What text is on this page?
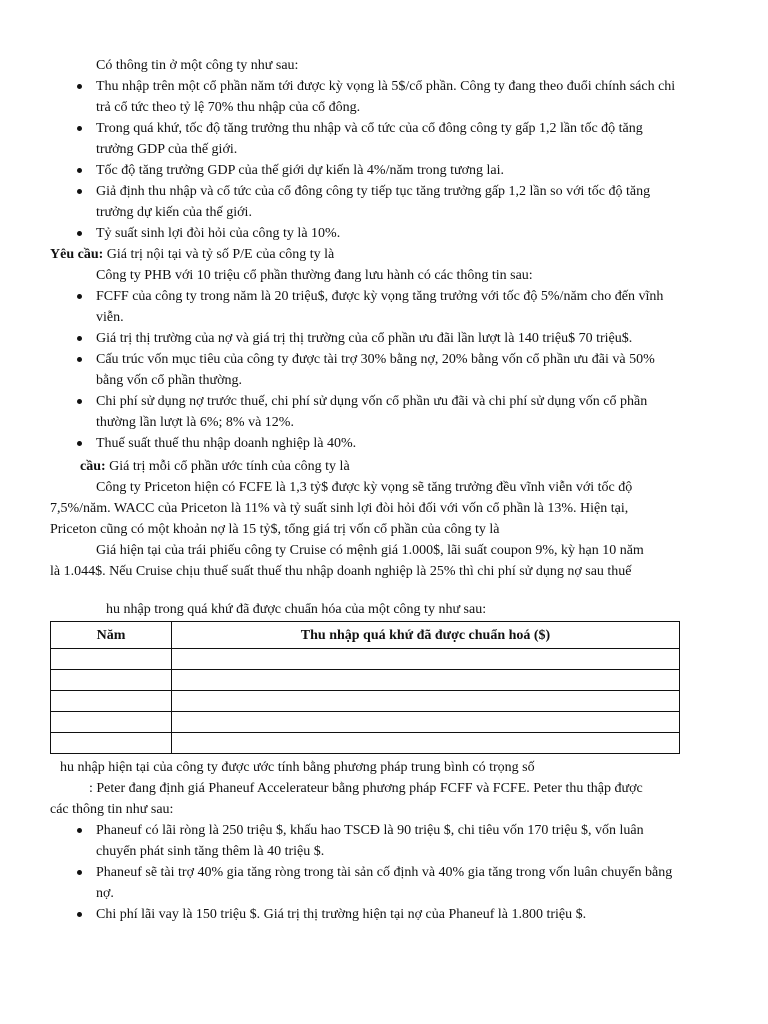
Có thông tin ở một công ty như sau:
Thu nhập trên một cổ phần năm tới được kỳ vọng là 5$/cổ phần. Công ty đang theo đuổi chính sách chi trả cổ tức theo tỷ lệ 70% thu nhập của cổ đông.
Trong quá khứ, tốc độ tăng trưởng thu nhập và cổ tức của cổ đông công ty gấp 1,2 lần tốc độ tăng trưởng GDP của thế giới.
Tốc độ tăng trưởng GDP của thế giới dự kiến là 4%/năm trong tương lai.
Giả định thu nhập và cổ tức của cổ đông công ty tiếp tục tăng trưởng gấp 1,2 lần so với tốc độ tăng trưởng dự kiến của thế giới.
Tỷ suất sinh lợi đòi hỏi của công ty là 10%.
Yêu cầu: Giá trị nội tại và tỷ số P/E của công ty là
Công ty PHB với 10 triệu cổ phần thường đang lưu hành có các thông tin sau:
FCFF của công ty trong năm là 20 triệu$, được kỳ vọng tăng trưởng với tốc độ 5%/năm cho đến vĩnh viễn.
Giá trị thị trường của nợ và giá trị thị trường của cổ phần ưu đãi lần lượt là 140 triệu$ 70 triệu$.
Cấu trúc vốn mục tiêu của công ty được tài trợ 30% bằng nợ, 20% bằng vốn cổ phần ưu đãi và 50% bằng vốn cổ phần thường.
Chi phí sử dụng nợ trước thuế, chi phí sử dụng vốn cổ phần ưu đãi và chi phí sử dụng vốn cổ phần thường lần lượt là 6%; 8% và 12%.
Thuế suất thuế thu nhập doanh nghiệp là 40%.
cầu: Giá trị mỗi cổ phần ước tính của công ty là
Công ty Priceton hiện có FCFE là 1,3 tỷ$ được kỳ vọng sẽ tăng trưởng đều vĩnh viễn với tốc độ
7,5%/năm. WACC của Priceton là 11% và tỷ suất sinh lợi đòi hỏi đối với vốn cổ phần là 13%. Hiện tại,
Priceton cũng có một khoản nợ là 15 tỷ$, tổng giá trị vốn cổ phần của công ty là
Giá hiện tại của trái phiếu công ty Cruise có mệnh giá 1.000$, lãi suất coupon 9%, kỳ hạn 10 năm
là 1.044$. Nếu Cruise chịu thuế suất thuế thu nhập doanh nghiệp là 25% thì chi phí sử dụng nợ sau thuế
hu nhập trong quá khứ đã được chuẩn hóa của một công ty như sau:
Năm	Thu nhập quá khứ đã được chuẩn hoá ($)

hu nhập hiện tại của công ty được ước tính bằng phương pháp trung bình có trọng số
: Peter đang định giá Phaneuf Accelerateur bằng phương pháp FCFF và FCFE. Peter thu thập được
các thông tin như sau:
Phaneuf có lãi ròng là 250 triệu $, khấu hao TSCĐ là 90 triệu $, chi tiêu vốn 170 triệu $, vốn luân chuyển phát sinh tăng thêm là 40 triệu $.
Phaneuf sẽ tài trợ 40% gia tăng ròng trong tài sản cố định và 40% gia tăng trong vốn luân chuyển bằng nợ.
Chi phí lãi vay là 150 triệu $. Giá trị thị trường hiện tại nợ của Phaneuf là 1.800 triệu $.
